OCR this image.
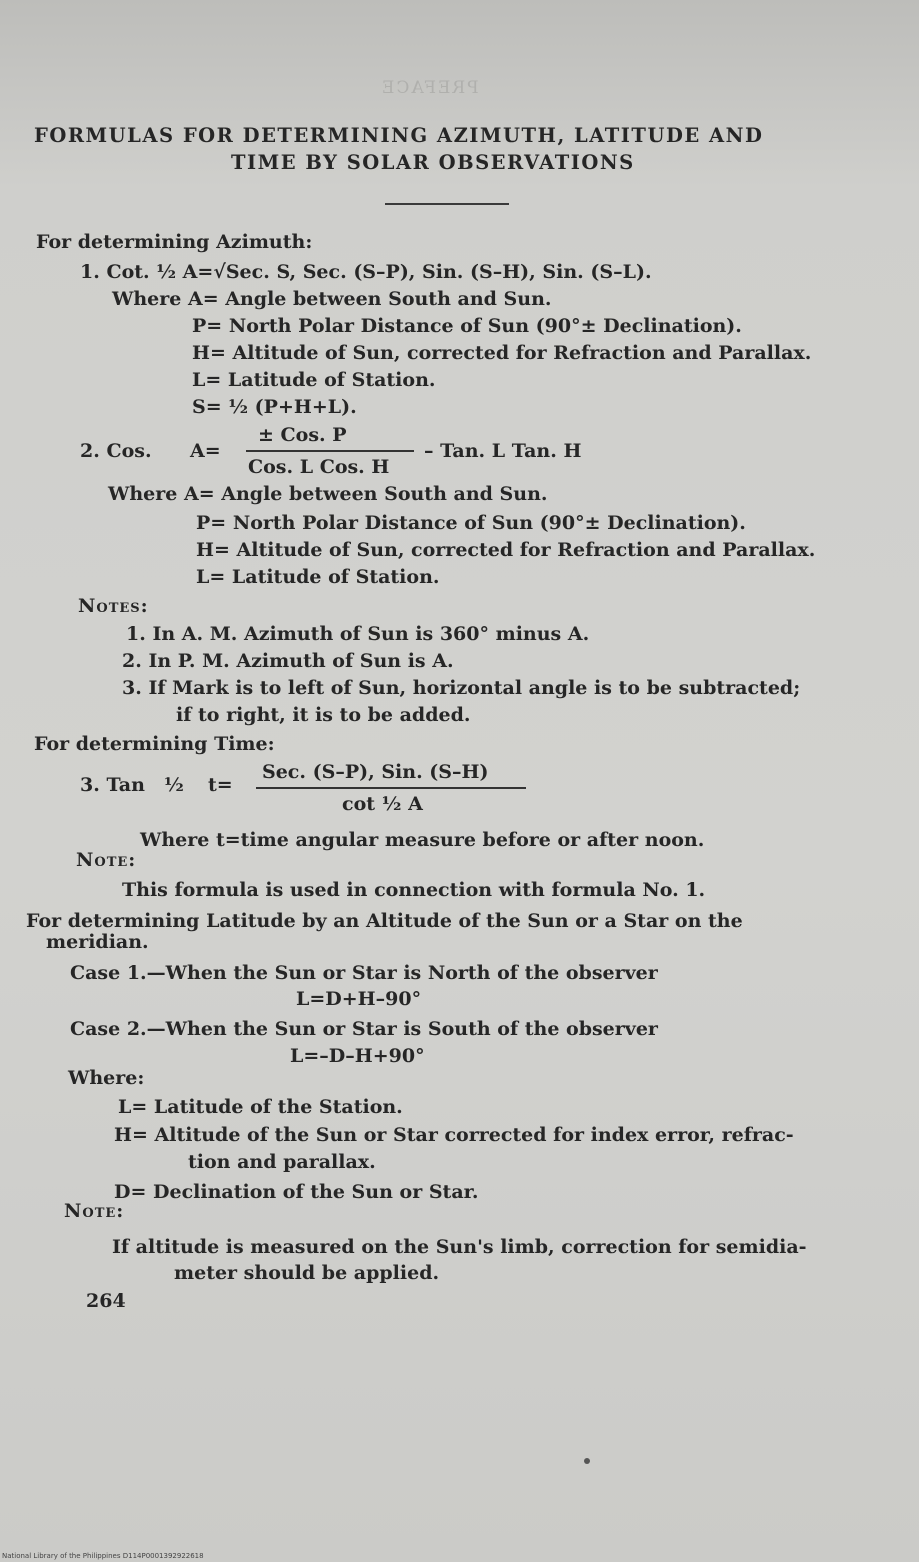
PREFACE
FORMULAS FOR DETERMINING AZIMUTH, LATITUDE AND
TIME BY SOLAR OBSERVATIONS
For determining Azimuth:
1. Cot. ½ A=√Sec. S, Sec. (S–P), Sin. (S–H), Sin. (S–L).
Where A= Angle between South and Sun.
P= North Polar Distance of Sun (90°± Declination).
H= Altitude of Sun, corrected for Refraction and Parallax.
L= Latitude of Station.
S= ½ (P+H+L).
2. Cos. A=
± Cos. P
Cos. L Cos. H
– Tan. L Tan. H
Where A= Angle between South and Sun.
P= North Polar Distance of Sun (90°± Declination).
H= Altitude of Sun, corrected for Refraction and Parallax.
L= Latitude of Station.
Notes:
1. In A. M. Azimuth of Sun is 360° minus A.
2. In P. M. Azimuth of Sun is A.
3. If Mark is to left of Sun, horizontal angle is to be subtracted;
if to right, it is to be added.
For determining Time:
3. Tan ½ t=
Sec. (S–P), Sin. (S–H)
cot ½ A
Where t=time angular measure before or after noon.
Note:
This formula is used in connection with formula No. 1.
For determining Latitude by an Altitude of the Sun or a Star on the
meridian.
Case 1.—When the Sun or Star is North of the observer
L=D+H–90°
Case 2.—When the Sun or Star is South of the observer
L=–D–H+90°
Where:
L= Latitude of the Station.
H= Altitude of the Sun or Star corrected for index error, refrac-
tion and parallax.
D= Declination of the Sun or Star.
Note:
If altitude is measured on the Sun's limb, correction for semidia-
meter should be applied.
264
National Library of the Philippines D114P0001392922618
